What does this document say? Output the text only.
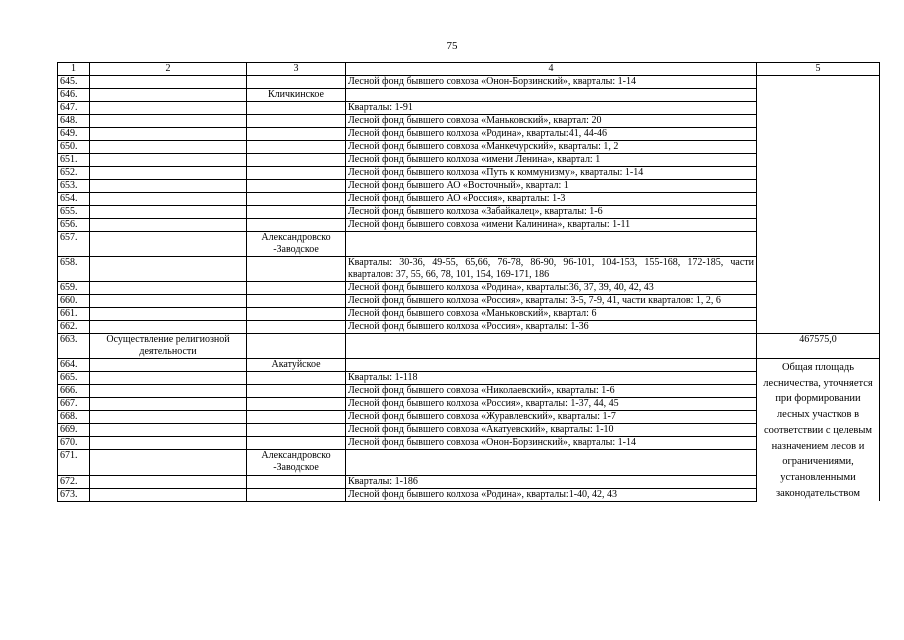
75
1	2	3	4	5
645.			Лесной фонд бывшего совхоза «Онон-Борзинский», кварталы: 1-14	
646.		Кличкинское		
647.			Кварталы: 1-91	
648.			Лесной фонд бывшего совхоза «Маньковский», квартал: 20	
649.			Лесной фонд бывшего колхоза «Родина», кварталы:41, 44-46	
650.			Лесной фонд бывшего совхоза «Манкечурский», кварталы: 1, 2	
651.			Лесной фонд бывшего колхоза «имени Ленина», квартал: 1	
652.			Лесной фонд бывшего колхоза «Путь к коммунизму», кварталы: 1-14	
653.			Лесной фонд бывшего АО «Восточный», квартал: 1	
654.			Лесной фонд бывшего АО «Россия», кварталы: 1-3	
655.			Лесной фонд бывшего колхоза «Забайкалец», кварталы: 1-6	
656.			Лесной фонд бывшего совхоза «имени Калинина», кварталы: 1-11	
657.		Александровско -Заводское		
658.			Кварталы: 30-36, 49-55, 65,66, 76-78, 86-90, 96-101, 104-153, 155-168, 172-185, части кварталов: 37, 55, 66, 78, 101, 154, 169-171, 186	
659.			Лесной фонд бывшего колхоза «Родина», кварталы:36, 37, 39, 40, 42, 43	
660.			Лесной фонд бывшего колхоза «Россия», кварталы: 3-5, 7-9, 41, части кварталов: 1, 2, 6	
661.			Лесной фонд бывшего совхоза «Маньковский», квартал: 6	
662.			Лесной фонд бывшего колхоза «Россия», кварталы: 1-36	
663.	Осуществление религиозной деятельности			467575,0
664.		Акатуйское		Общая площадь лесничества, уточняется при формировании лесных участков в соответствии с целевым назначением лесов и ограничениями, установленными законодательством
665.			Кварталы: 1-118	
666.			Лесной фонд бывшего совхоза «Николаевский», кварталы: 1-6	
667.			Лесной фонд бывшего колхоза «Россия», кварталы: 1-37, 44, 45	
668.			Лесной фонд бывшего совхоза «Журавлевский», кварталы: 1-7	
669.			Лесной фонд бывшего совхоза «Акатуевский», кварталы: 1-10	
670.			Лесной фонд бывшего совхоза «Онон-Борзинский», кварталы: 1-14	
671.		Александровско -Заводское		
672.			Кварталы: 1-186	
673.			Лесной фонд бывшего колхоза «Родина», кварталы:1-40, 42, 43	
